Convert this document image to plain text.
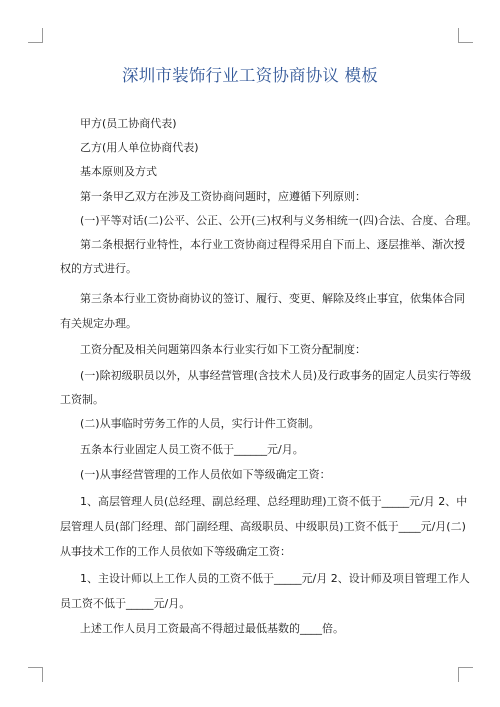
深圳市装饰行业工资协商协议 模板
甲方(员工协商代表)
乙方(用人单位协商代表)
基本原则及方式
第一条甲乙双方在涉及工资协商问题时，应遵循下列原则：
(一)平等对话(二)公平、公正、公开(三)权利与义务相统一(四)合法、合度、合理。
第二条根据行业特性，本行业工资协商过程得采用自下而上、逐层推举、渐次授
权的方式进行。
第三条本行业工资协商协议的签订、履行、变更、解除及终止事宜，依集体合同
有关规定办理。
工资分配及相关问题第四条本行业实行如下工资分配制度：
(一)除初级职员以外，从事经营管理(含技术人员)及行政事务的固定人员实行等级
工资制。
(二)从事临时劳务工作的人员，实行计件工资制。
五条本行业固定人员工资不低于______元/月。
(一)从事经营管理的工作人员依如下等级确定工资：
1、高层管理人员(总经理、副总经理、总经理助理)工资不低于_____元/月 2、中
层管理人员(部门经理、部门副经理、高级职员、中级职员)工资不低于____元/月(二)
从事技术工作的工作人员依如下等级确定工资：
1、主设计师以上工作人员的工资不低于_____元/月 2、设计师及项目管理工作人
员工资不低于_____元/月。
上述工作人员月工资最高不得超过最低基数的____倍。
